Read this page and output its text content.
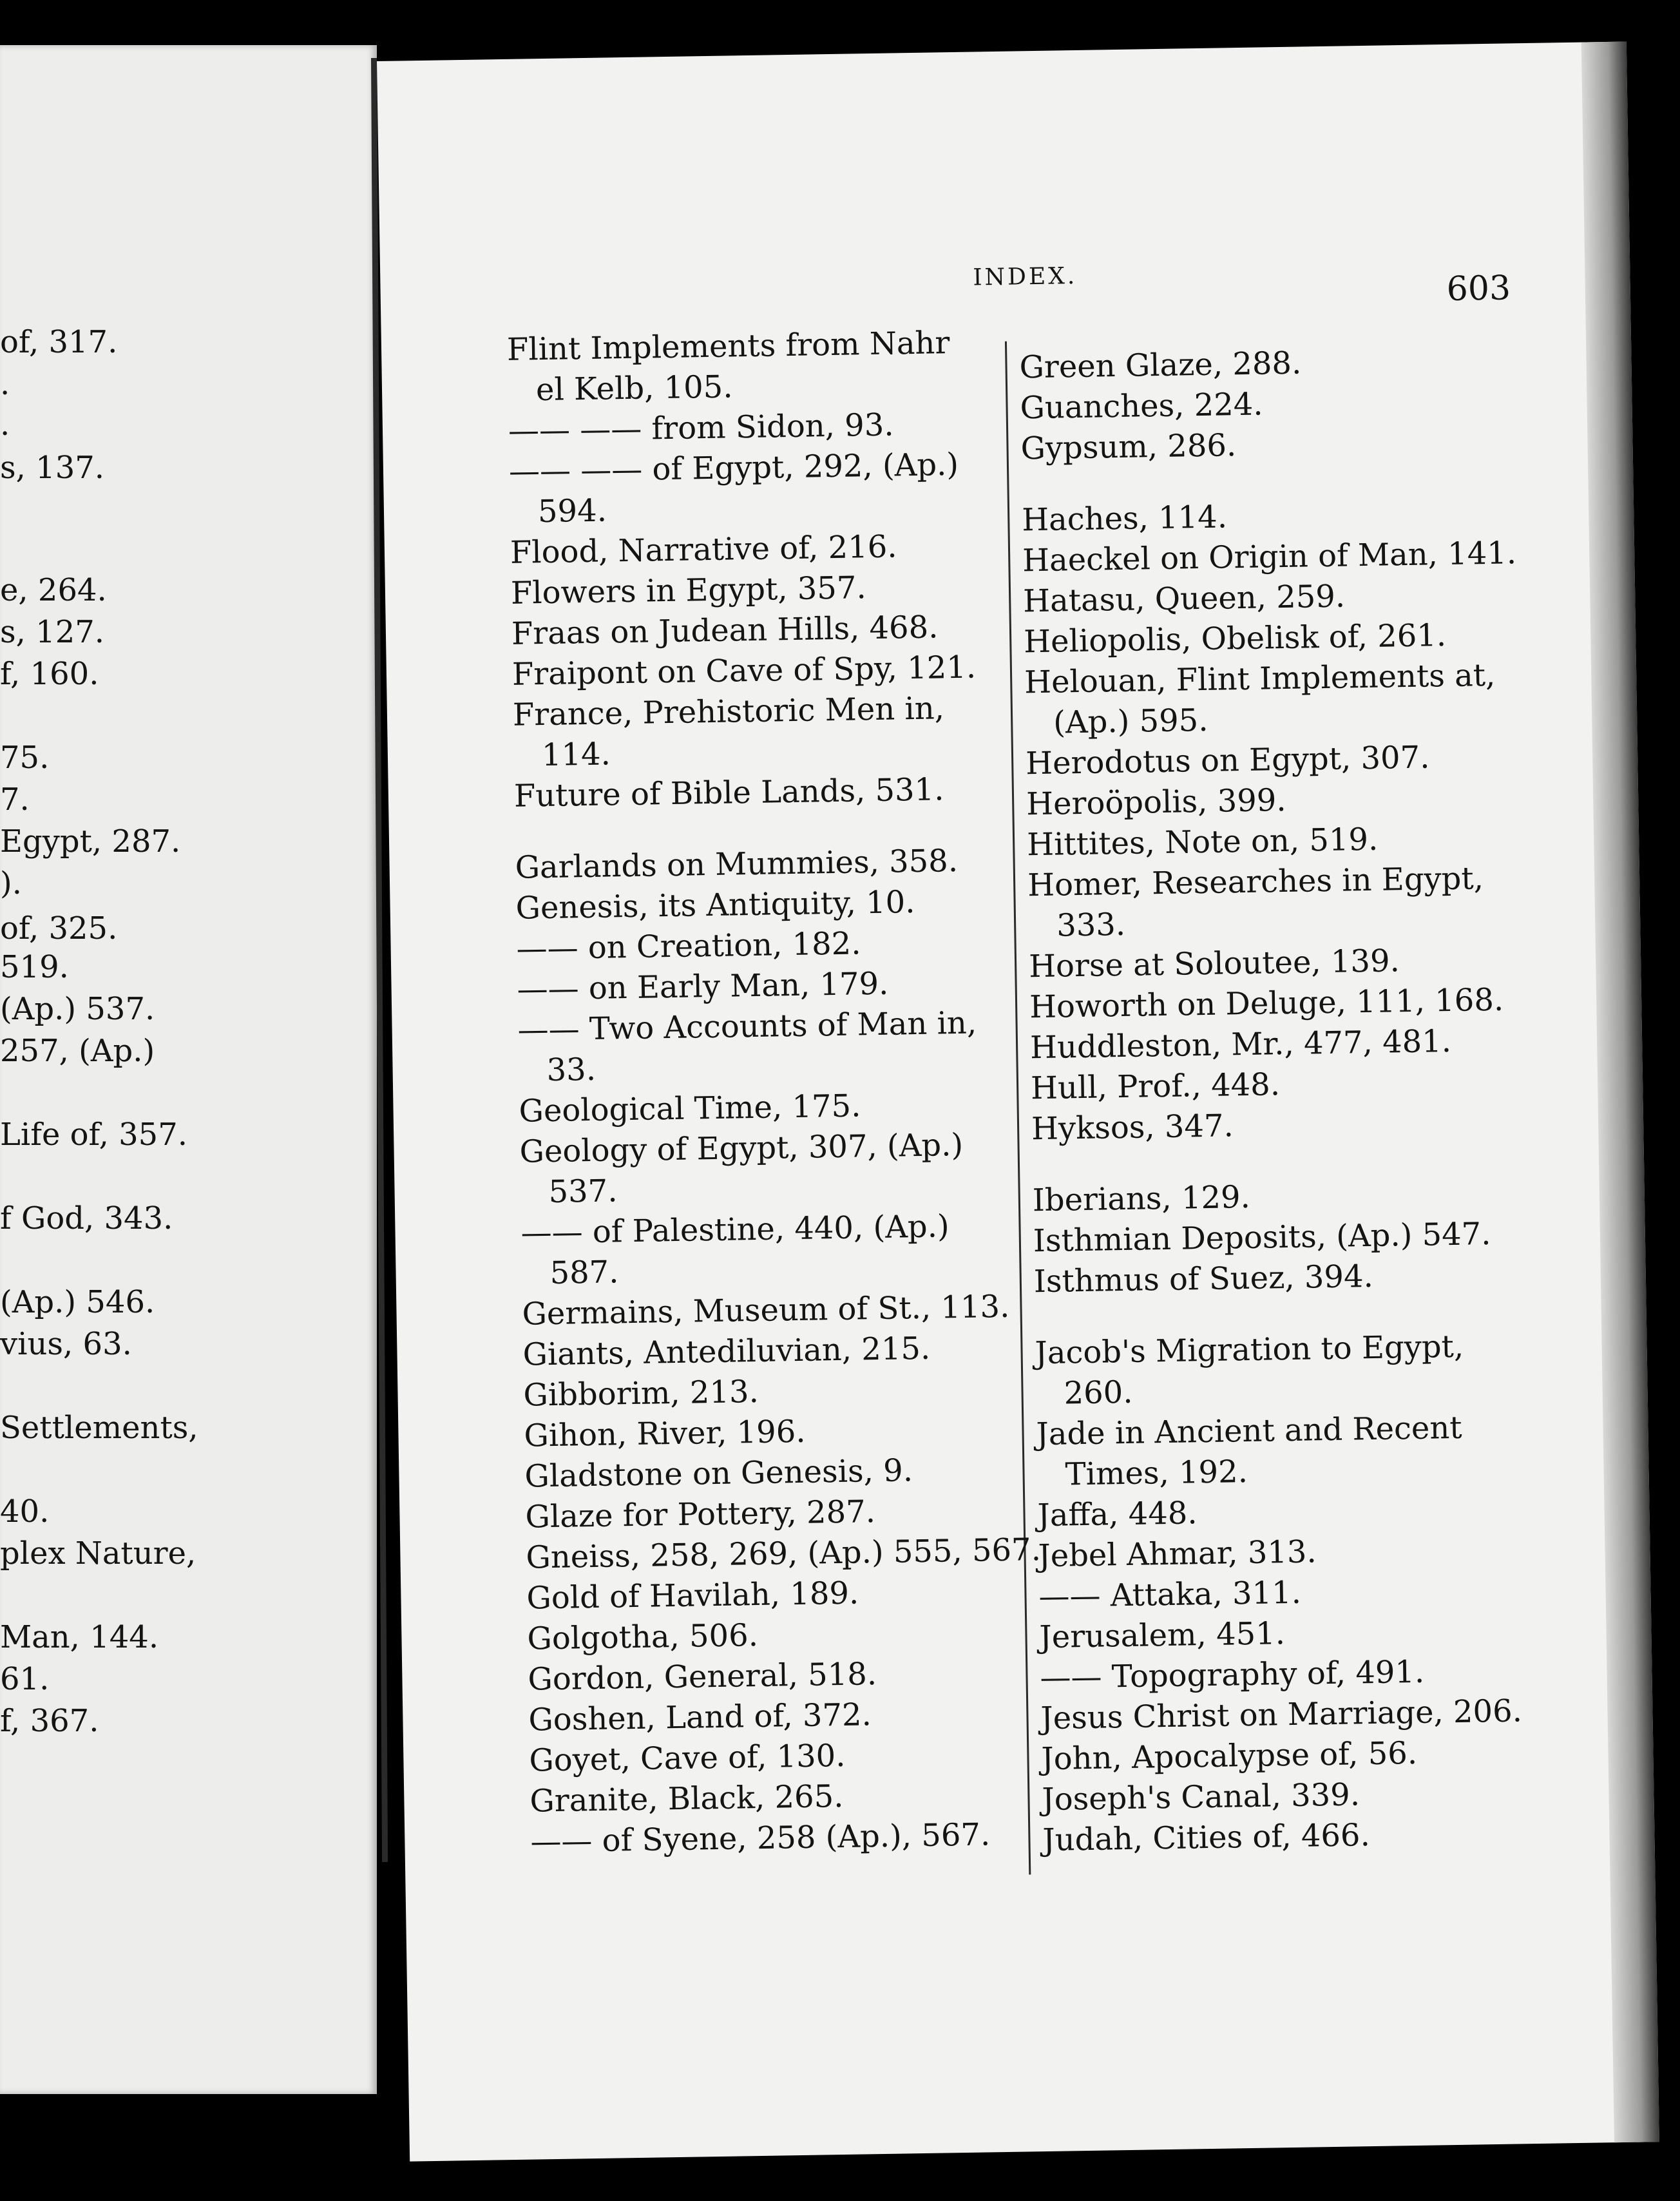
of, 317.
.
.
s, 137.
e, 264.
s, 127.
f, 160.
75.
7.
Egypt, 287.
).
of, 325.
519.
(Ap.) 537.
257, (Ap.)
Life of, 357.
f God, 343.
(Ap.) 546.
vius, 63.
Settlements,
40.
plex Nature,
Man, 144.
61.
f, 367.
INDEX.	603
Flint Implements from Nahr
el Kelb, 105.
—— —— from Sidon, 93.
—— —— of Egypt, 292, (Ap.)
594.
Flood, Narrative of, 216.
Flowers in Egypt, 357.
Fraas on Judean Hills, 468.
Fraipont on Cave of Spy, 121.
France, Prehistoric Men in,
114.
Future of Bible Lands, 531.
Garlands on Mummies, 358.
Genesis, its Antiquity, 10.
—— on Creation, 182.
—— on Early Man, 179.
—— Two Accounts of Man in,
33.
Geological Time, 175.
Geology of Egypt, 307, (Ap.)
537.
—— of Palestine, 440, (Ap.)
587.
Germains, Museum of St., 113.
Giants, Antediluvian, 215.
Gibborim, 213.
Gihon, River, 196.
Gladstone on Genesis, 9.
Glaze for Pottery, 287.
Gneiss, 258, 269, (Ap.) 555, 567.
Gold of Havilah, 189.
Golgotha, 506.
Gordon, General, 518.
Goshen, Land of, 372.
Goyet, Cave of, 130.
Granite, Black, 265.
—— of Syene, 258 (Ap.), 567.
Green Glaze, 288.
Guanches, 224.
Gypsum, 286.
Haches, 114.
Haeckel on Origin of Man, 141.
Hatasu, Queen, 259.
Heliopolis, Obelisk of, 261.
Helouan, Flint Implements at,
(Ap.) 595.
Herodotus on Egypt, 307.
Heroöpolis, 399.
Hittites, Note on, 519.
Homer, Researches in Egypt,
333.
Horse at Soloutee, 139.
Howorth on Deluge, 111, 168.
Huddleston, Mr., 477, 481.
Hull, Prof., 448.
Hyksos, 347.
Iberians, 129.
Isthmian Deposits, (Ap.) 547.
Isthmus of Suez, 394.
Jacob's Migration to Egypt,
260.
Jade in Ancient and Recent
Times, 192.
Jaffa, 448.
Jebel Ahmar, 313.
—— Attaka, 311.
Jerusalem, 451.
—— Topography of, 491.
Jesus Christ on Marriage, 206.
John, Apocalypse of, 56.
Joseph's Canal, 339.
Judah, Cities of, 466.
